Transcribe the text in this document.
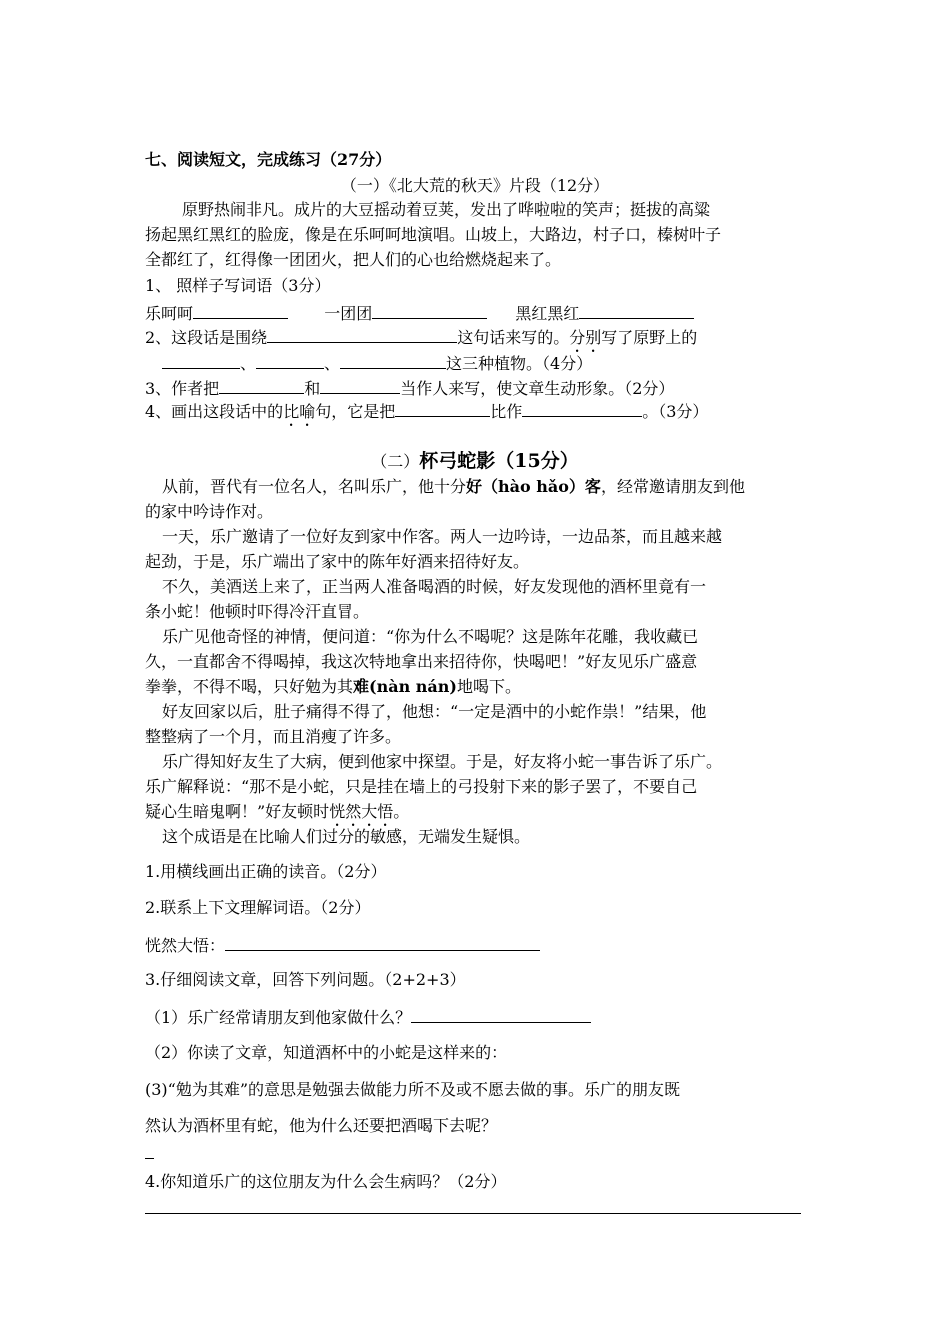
七、阅读短文，完成练习（27分）
（一）《北大荒的秋天》片段（12分）
原野热闹非凡。成片的大豆摇动着豆荚，发出了哗啦啦的笑声；挺拔的高粱
扬起黑红黑红的脸庞，像是在乐呵呵地演唱。山坡上，大路边，村子口，榛树叶子
全都红了，红得像一团团火，把人们的心也给燃烧起来了。
1、 照样子写词语（3分）
乐呵呵	一团团	黑红黑红
2、这段话是围绕	这句话来写的。分别写了原野上的
、	、	这三种植物。（4分）
3、作者把	和	当作人来写，使文章生动形象。（2分）
4、画出这段话中的比喻句，它是把	比作	。（3分）
（二）杯弓蛇影（15分）
从前，晋代有一位名人，名叫乐广，他十分好（hào hǎo）客，经常邀请朋友到他
的家中吟诗作对。
一天，乐广邀请了一位好友到家中作客。两人一边吟诗，一边品茶，而且越来越
起劲，于是，乐广端出了家中的陈年好酒来招待好友。
不久，美酒送上来了，正当两人准备喝酒的时候，好友发现他的酒杯里竟有一
条小蛇！他顿时吓得冷汗直冒。
乐广见他奇怪的神情，便问道：“你为什么不喝呢？这是陈年花雕，我收藏已
久，一直都舍不得喝掉，我这次特地拿出来招待你，快喝吧！”好友见乐广盛意
拳拳，不得不喝，只好勉为其难(nàn nán)地喝下。
好友回家以后，肚子痛得不得了，他想：“一定是酒中的小蛇作祟！”结果，他
整整病了一个月，而且消瘦了许多。
乐广得知好友生了大病，便到他家中探望。于是，好友将小蛇一事告诉了乐广。
乐广解释说：“那不是小蛇，只是挂在墙上的弓投射下来的影子罢了，不要自己
疑心生暗鬼啊！”好友顿时恍然大悟。
这个成语是在比喻人们过分的敏感，无端发生疑惧。
1.用横线画出正确的读音。（2分）
2.联系上下文理解词语。（2分）
恍然大悟：
3.仔细阅读文章，回答下列问题。（2+2+3）
（1）乐广经常请朋友到他家做什么？
（2）你读了文章，知道酒杯中的小蛇是这样来的：
(3)“勉为其难”的意思是勉强去做能力所不及或不愿去做的事。乐广的朋友既
然认为酒杯里有蛇，他为什么还要把酒喝下去呢？
4.你知道乐广的这位朋友为什么会生病吗？（2分）
